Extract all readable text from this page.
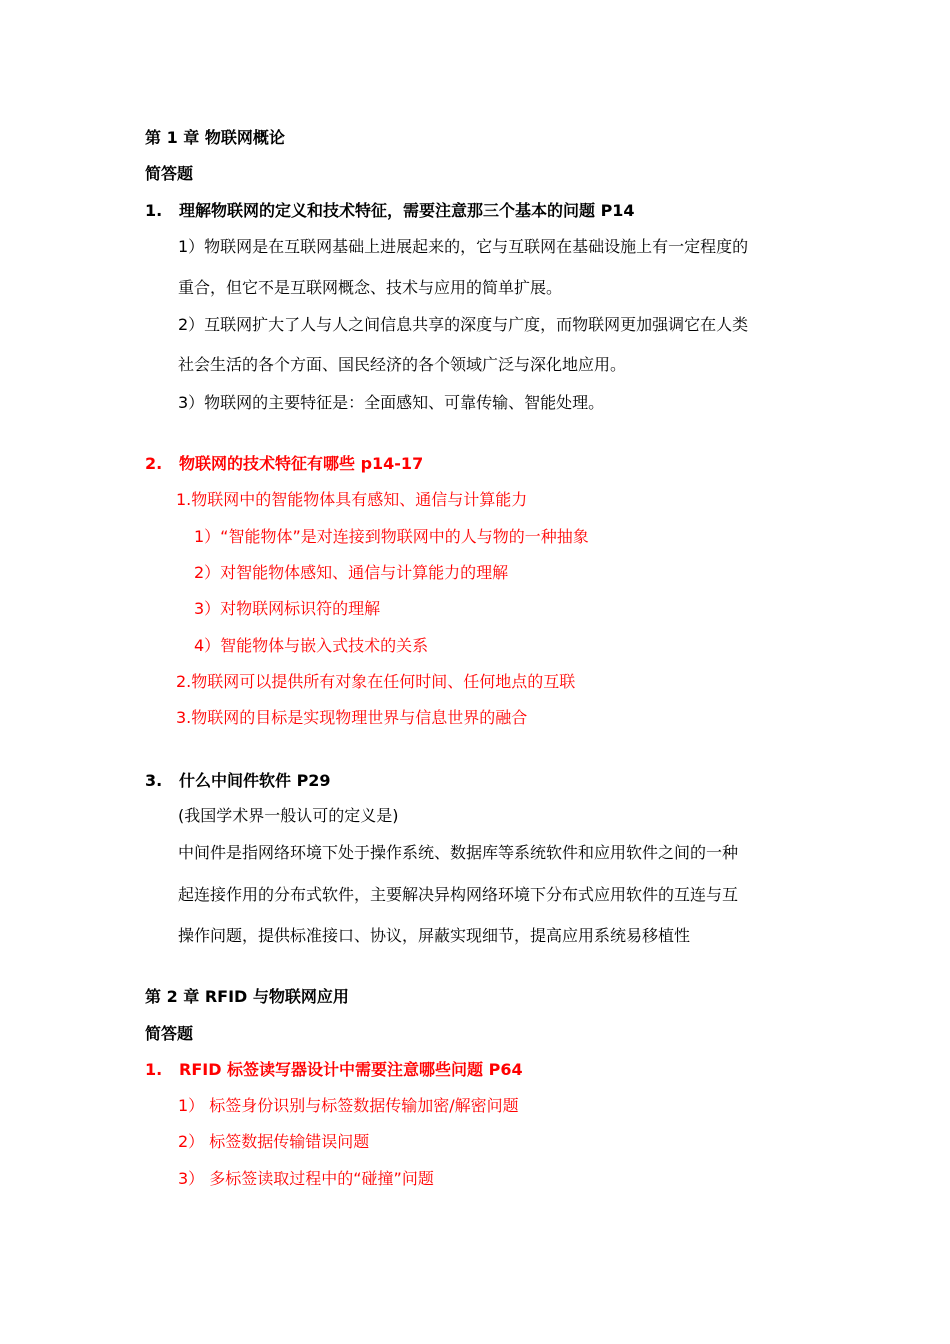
第 1 章 物联网概论
简答题
1. 理解物联网的定义和技术特征，需要注意那三个基本的问题 P14
1）物联网是在互联网基础上进展起来的，它与互联网在基础设施上有一定程度的
重合，但它不是互联网概念、技术与应用的简单扩展。
2）互联网扩大了人与人之间信息共享的深度与广度，而物联网更加强调它在人类
社会生活的各个方面、国民经济的各个领域广泛与深化地应用。
3）物联网的主要特征是：全面感知、可靠传输、智能处理。
2. 物联网的技术特征有哪些 p14-17
1.物联网中的智能物体具有感知、通信与计算能力
1）“智能物体”是对连接到物联网中的人与物的一种抽象
2）对智能物体感知、通信与计算能力的理解
3）对物联网标识符的理解
4）智能物体与嵌入式技术的关系
2.物联网可以提供所有对象在任何时间、任何地点的互联
3.物联网的目标是实现物理世界与信息世界的融合
3. 什么中间件软件 P29
(我国学术界一般认可的定义是)
中间件是指网络环境下处于操作系统、数据库等系统软件和应用软件之间的一种
起连接作用的分布式软件，主要解决异构网络环境下分布式应用软件的互连与互
操作问题，提供标准接口、协议，屏蔽实现细节，提高应用系统易移植性
第 2 章 RFID 与物联网应用
简答题
1. RFID 标签读写器设计中需要注意哪些问题 P64
1） 标签身份识别与标签数据传输加密/解密问题
2） 标签数据传输错误问题
3） 多标签读取过程中的“碰撞”问题
